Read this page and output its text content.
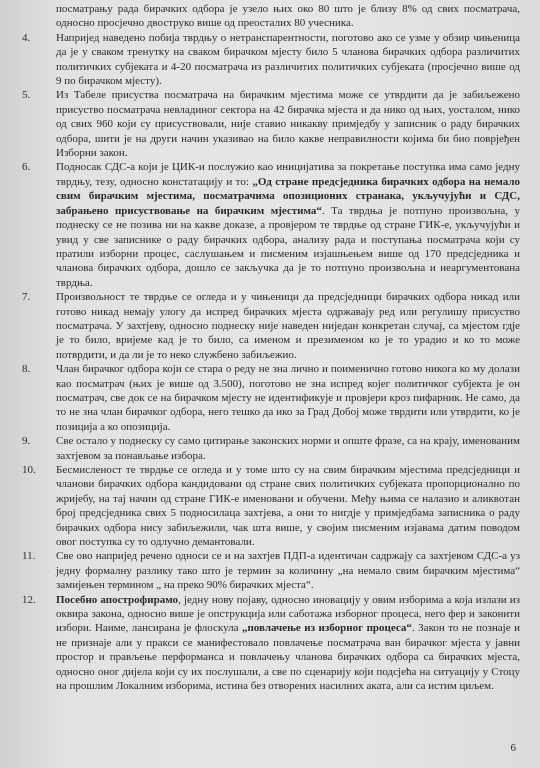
посматрању рада бирачких одбора је узело њих око 80 што је близу 8% од свих посматрача, односно просјечно двоструко више од преосталих 80 учесника.

4.	Напријед наведено побија тврдњу о нетранспарентности, поготово ако се узме у обзир чињеница да је у сваком тренутку на сваком бирачком мјесту било 5 чланова бирачких одбора различитих политичких субјеката и 4-20 посматрача из различитих политичких субјеката (просјечно више од 9 по бирачком мјесту).
5.	Из Табеле присуства посматрача на бирачким мјестима може се утврдити да је забиљежено присуство посматрача невладиног сектора на 42 бирачка мјеста и да нико од њих, уосталом, нико од свих 960 који су присуствовали, није ставио никакву примједбу у записник о раду бирачких одбора, шити је на други начин указивао на било какве неправилности којима би био поврјеђен Изборни закон.
6.	Подносак СДС-а који је ЦИК-и послужио као иницијатива за покретање поступка има само једну тврдњу, тезу, односно констатацију и то: „Од стране предсједника бирачких одбора на немало свим бирачким мјестима, посматрачима опозиционих странака, укључујући и СДС, забрањено присуствовање на бирачким мјестима“. Та тврдња је потпуно произвољна, у поднеску се не позива ни на какве доказе, а провјером те тврдње од стране ГИК-е, укључујући и увид у све записнике о раду бирачких одбора, анализу рада и поступања посматрача који су пратили изборни процес, саслушањем и писменим изјашњењем више од 170 предсједника и чланова бирачких одбора, дошло се закључка да је то потпуно произвољна и неаргументована тврдња.
7.	Произвољност те тврдње се огледа и у чињеници да предсједници бирачких одбора никад или готово никад немају улогу да испред бирачких мјеста одржавају ред или регулишу присуство посматрача. У захтјеву, односно поднеску није наведен нијeдан конкретан случај, са мјестом гдје је то било, вријеме кад је то било, са именом и презименом ко је то урадио и ко то може потврдити, и да ли је то нeко службено забиљежио.
8.	Члан бирачког одбора који се стара о реду не зна лично и поименично готово никога ко му долази као посматрач (њих је више од 3.500), поготово не зна испред којег политичког субјекта је он посматрач, све док се на бирачком мјесту не идентификује и провјери кроз пифарник. Не само, да то не зна члан бирачког одбора, него тешко да ико за Град Добој може тврдити или утврдити, ко је позиција а ко опозиција.
9.	Све остало у поднеску су само цитирање законских норми и опште фразе, са на крају, именованим захтјевом за понављање избора.
10.	Бесмисленост те тврдње се огледа и у томе што су на свим бирачким мјестима предсједници и чланови бирачких одбора кандидовани од стране свих политичких субјеката пропорционално по жријебу, на тај начин од стране ГИК-е именовани и обучени. Међу њима се налазио и аликвотан број предсједника свих 5 подносилаца захтјева, а они то нигдје у примједбама записника о раду бирачких одбора нису забиљежили, чак шта више, у својим писменим изјавама датим поводом овог поступка су то одлучно демантовали.
11.	Све ово напријед речено односи се и на захтјев ПДП-а идентичан садржају са захтјевом СДС-а уз једну формалну разлику тако што је термин за количину „на немало свим бирачким мјестима“ замијењен термином „ на преко 90% бирачких мјеста“.
12.	Посебно апострофирамо, једну нову појаву, односно иновацију у овим изборима а која излази из оквира закона, односно више је опструкција или саботажа изборног процеса, него фер и законити избори. Наиме, лансирана је флоскула „повлачење из изборног процеса“. Закон то не познаје и не признаје али у пракси се манифестовало повлачење посматрача ван бирачког мјеста у јавни простор и прављење перформанса и повлачењу чланова бирачких одбора са бирачких мјеста, односно оног дијела који су их послушали, а све по сценарију који подсјећа на ситуацију у Стоцу на прошлим Локалним изборима, истина без отворених насилних аката, али са истим циљем.
6
